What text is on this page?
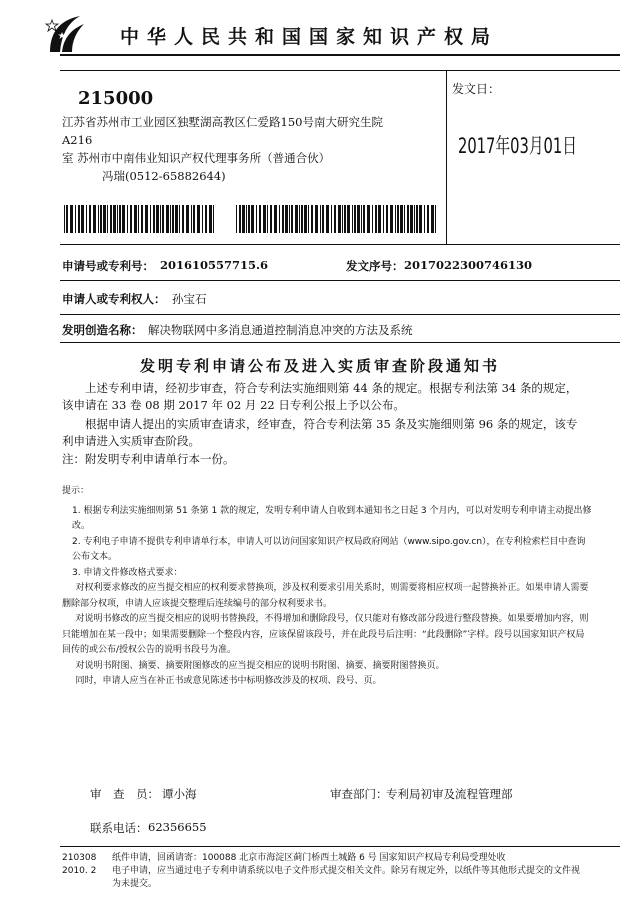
中华人民共和国国家知识产权局
215000
江苏省苏州市工业园区独墅湖高教区仁爱路150号南大研究生院A216
室 苏州市中南伟业知识产权代理事务所（普通合伙）
冯瑞(0512-65882644)
发文日：
2017年03月01日
申请号或专利号： 201610557715.6	发文序号： 2017022300746130
申请人或专利权人： 孙宝石
发明创造名称： 解决物联网中多消息通道控制消息冲突的方法及系统
发明专利申请公布及进入实质审查阶段通知书
上述专利申请，经初步审查，符合专利法实施细则第 44 条的规定。根据专利法第 34 条的规定，该申请在 33 卷 08 期 2017 年 02 月 22 日专利公报上予以公布。
根据申请人提出的实质审查请求，经审查，符合专利法第 35 条及实施细则第 96 条的规定，该专利申请进入实质审查阶段。
注：附发明专利申请单行本一份。

提示：

1. 根据专利法实施细则第 51 条第 1 款的规定，发明专利申请人自收到本通知书之日起 3 个月内，可以对发明专利申请主动提出修改。

2. 专利电子申请不提供专利申请单行本，申请人可以访问国家知识产权局政府网站（www.sipo.gov.cn），在专利检索栏目中查询公布文本。

3. 申请文件修改格式要求：

对权利要求修改的应当提交相应的权利要求替换项，涉及权利要求引用关系时，则需要将相应权项一起替换补正。如果申请人需要删除部分权项，申请人应该提交整理后连续编号的部分权利要求书。

对说明书修改的应当提交相应的说明书替换段，不得增加和删除段号，仅只能对有修改部分段进行整段替换。如果要增加内容，则只能增加在某一段中；如果需要删除一个整段内容，应该保留该段号，并在此段号后注明：“此段删除”字样。段号以国家知识产权局回传的或公布/授权公告的说明书段号为准。

对说明书附图、摘要、摘要附图修改的应当提交相应的说明书附图、摘要、摘要附图替换页。

同时，申请人应当在补正书或意见陈述书中标明修改涉及的权项、段号、页。

审　查　员： 谭小海	审查部门：
专利局初审及流程管理部
联系电话： 62356655
210308
2010. 2
纸件申请，回函请寄：100088 北京市海淀区蓟门桥西土城路 6 号 国家知识产权局专利局受理处收
电子申请，应当通过电子专利申请系统以电子文件形式提交相关文件。除另有规定外，以纸件等其他形式提交的文件视为未提交。
